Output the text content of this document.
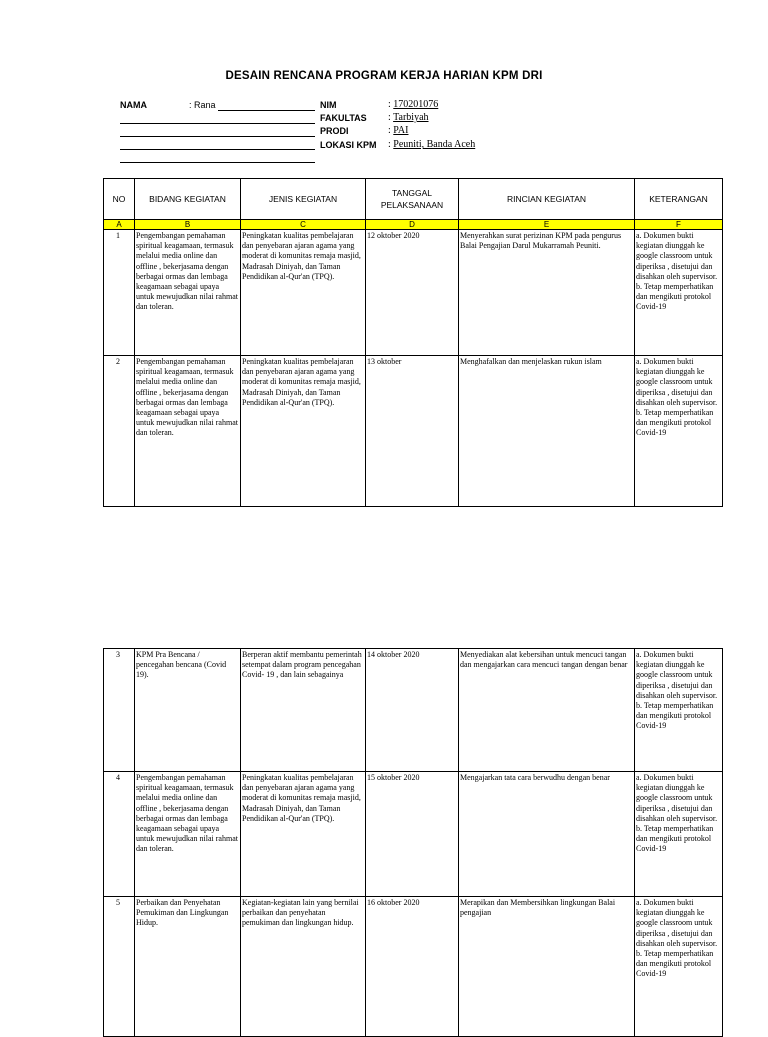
DESAIN RENCANA PROGRAM KERJA HARIAN KPM DRI
NAMA	: Rana	NIM	: 170201076
FAKULTAS : Tarbiyah
PRODI	: PAI
LOKASI KPM : Peuniti, Banda Aceh
NO	BIDANG KEGIATAN	JENIS KEGIATAN	TANGGAL PELAKSANAAN	RINCIAN KEGIATAN	KETERANGAN
A	B	C	D	E	F
1	Pengembangan pemahaman spiritual keagamaan, termasuk melalui media online dan offline , bekerjasama dengan berbagai ormas dan lembaga keagamaan sebagai upaya untuk mewujudkan nilai rahmat dan toleran.	Peningkatan kualitas pembelajaran dan penyebaran ajaran agama yang moderat di komunitas remaja masjid, Madrasah Diniyah, dan Taman Pendidikan al-Qur'an (TPQ).	12 oktober 2020	Menyerahkan surat perizinan KPM pada pengurus Balai Pengajian Darul Mukarramah Peuniti.	a. Dokumen bukti kegiatan diunggah ke google classroom untuk diperiksa , disetujui dan disahkan oleh supervisor.
b. Tetap memperhatikan dan mengikuti protokol Covid-19
2	Pengembangan pemahaman spiritual keagamaan, termasuk melalui media online dan offline , bekerjasama dengan berbagai ormas dan lembaga keagamaan sebagai upaya untuk mewujudkan nilai rahmat dan toleran.	Peningkatan kualitas pembelajaran dan penyebaran ajaran agama yang moderat di komunitas remaja masjid, Madrasah Diniyah, dan Taman Pendidikan al-Qur'an (TPQ).	13 oktober	Menghafalkan dan menjelaskan rukun islam	a. Dokumen bukti kegiatan diunggah ke google classroom untuk diperiksa , disetujui dan disahkan oleh supervisor.
b. Tetap memperhatikan dan mengikuti protokol Covid-19
3	KPM Pra Bencana / pencegahan bencana (Covid 19).	Berperan aktif membantu pemerintah setempat dalam program pencegahan Covid- 19 , dan lain sebagainya	14 oktober 2020	Menyediakan alat kebersihan untuk mencuci tangan dan mengajarkan cara mencuci tangan dengan benar	a. Dokumen bukti kegiatan diunggah ke google classroom untuk diperiksa , disetujui dan disahkan oleh supervisor.
b. Tetap memperhatikan dan mengikuti protokol Covid-19
4	Pengembangan pemahaman spiritual keagamaan, termasuk melalui media online dan offline , bekerjasama dengan berbagai ormas dan lembaga keagamaan sebagai upaya untuk mewujudkan nilai rahmat dan toleran.	Peningkatan kualitas pembelajaran dan penyebaran ajaran agama yang moderat di komunitas remaja masjid, Madrasah Diniyah, dan Taman Pendidikan al-Qur'an (TPQ).	15 oktober 2020	Mengajarkan tata cara berwudhu dengan benar	a. Dokumen bukti kegiatan diunggah ke google classroom untuk diperiksa , disetujui dan disahkan oleh supervisor.
b. Tetap memperhatikan dan mengikuti protokol Covid-19
5	Perbaikan dan Penyehatan Pemukiman dan Lingkungan Hidup.	Kegiatan-kegiatan lain yang bernilai perbaikan dan penyehatan pemukiman dan lingkungan hidup.	16 oktober 2020	Merapikan dan Membersihkan lingkungan Balai pengajian	a. Dokumen bukti kegiatan diunggah ke google classroom untuk diperiksa , disetujui dan disahkan oleh supervisor.
b. Tetap memperhatikan dan mengikuti protokol Covid-19
